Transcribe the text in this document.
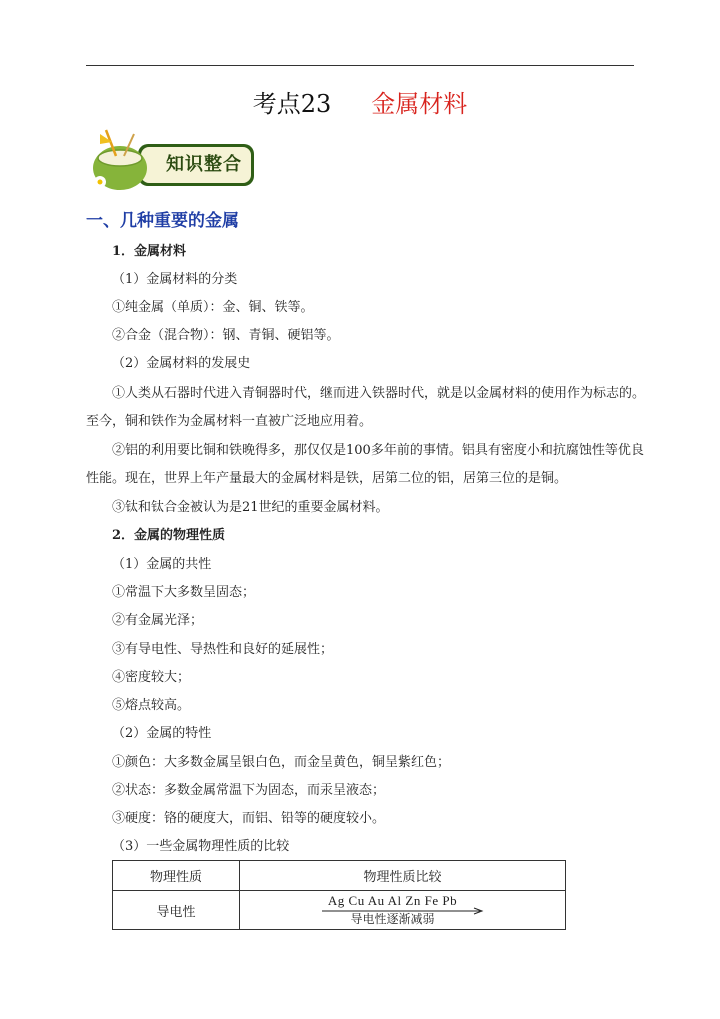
考点23 金属材料
知识整合
一、几种重要的金属
1．金属材料
（1）金属材料的分类
①纯金属（单质）：金、铜、铁等。
②合金（混合物）：钢、青铜、硬铝等。
（2）金属材料的发展史
①人类从石器时代进入青铜器时代，继而进入铁器时代，就是以金属材料的使用作为标志的。
至今，铜和铁作为金属材料一直被广泛地应用着。
②铝的利用要比铜和铁晚得多，那仅仅是100多年前的事情。铝具有密度小和抗腐蚀性等优良
性能。现在，世界上年产量最大的金属材料是铁，居第二位的铝，居第三位的是铜。
③钛和钛合金被认为是21世纪的重要金属材料。
2．金属的物理性质
（1）金属的共性
①常温下大多数呈固态；
②有金属光泽；
③有导电性、导热性和良好的延展性；
④密度较大；
⑤熔点较高。
（2）金属的特性
①颜色：大多数金属呈银白色，而金呈黄色，铜呈紫红色；
②状态：多数金属常温下为固态，而汞呈液态；
③硬度：铬的硬度大，而铝、铅等的硬度较小。
（3）一些金属物理性质的比较
物理性质	物理性质比较
导电性	Ag Cu Au Al Zn Fe Pb
导电性逐渐减弱
